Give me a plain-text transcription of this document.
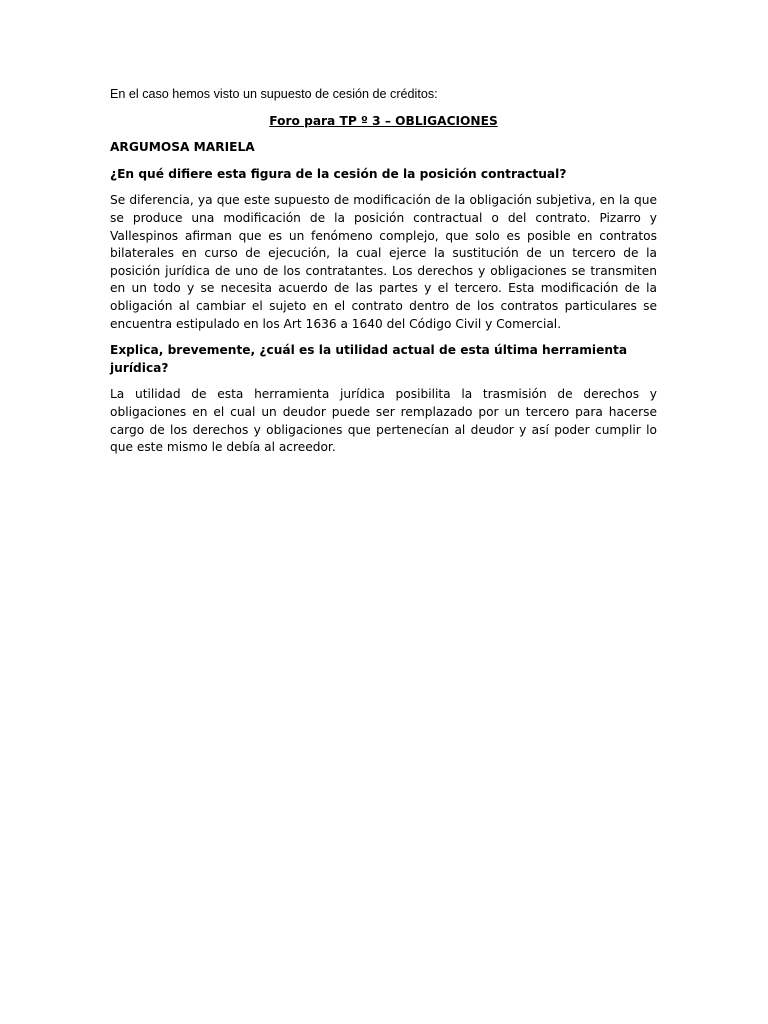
En el caso hemos visto un supuesto de cesión de créditos:

Foro para TP º 3 – OBLIGACIONES

ARGUMOSA MARIELA

¿En qué difiere esta figura de la cesión de la posición contractual?

Se diferencia, ya que este supuesto de modificación de la obligación subjetiva, en la que se produce una modificación de la posición contractual o del contrato. Pizarro y Vallespinos afirman que es un fenómeno complejo, que solo es posible en contratos bilaterales en curso de ejecución, la cual ejerce la sustitución de un tercero de la posición jurídica de uno de los contratantes. Los derechos y obligaciones se transmiten en un todo y se necesita acuerdo de las partes y el tercero. Esta modificación de la obligación al cambiar el sujeto en el contrato dentro de los contratos particulares se encuentra estipulado en los Art 1636 a 1640 del Código Civil y Comercial.

Explica, brevemente, ¿cuál es la utilidad actual de esta última herramienta jurídica?

La utilidad de esta herramienta jurídica posibilita la trasmisión de derechos y obligaciones en el cual un deudor puede ser remplazado por un tercero para hacerse cargo de los derechos y obligaciones que pertenecían al deudor y así poder cumplir lo que este mismo le debía al acreedor.
